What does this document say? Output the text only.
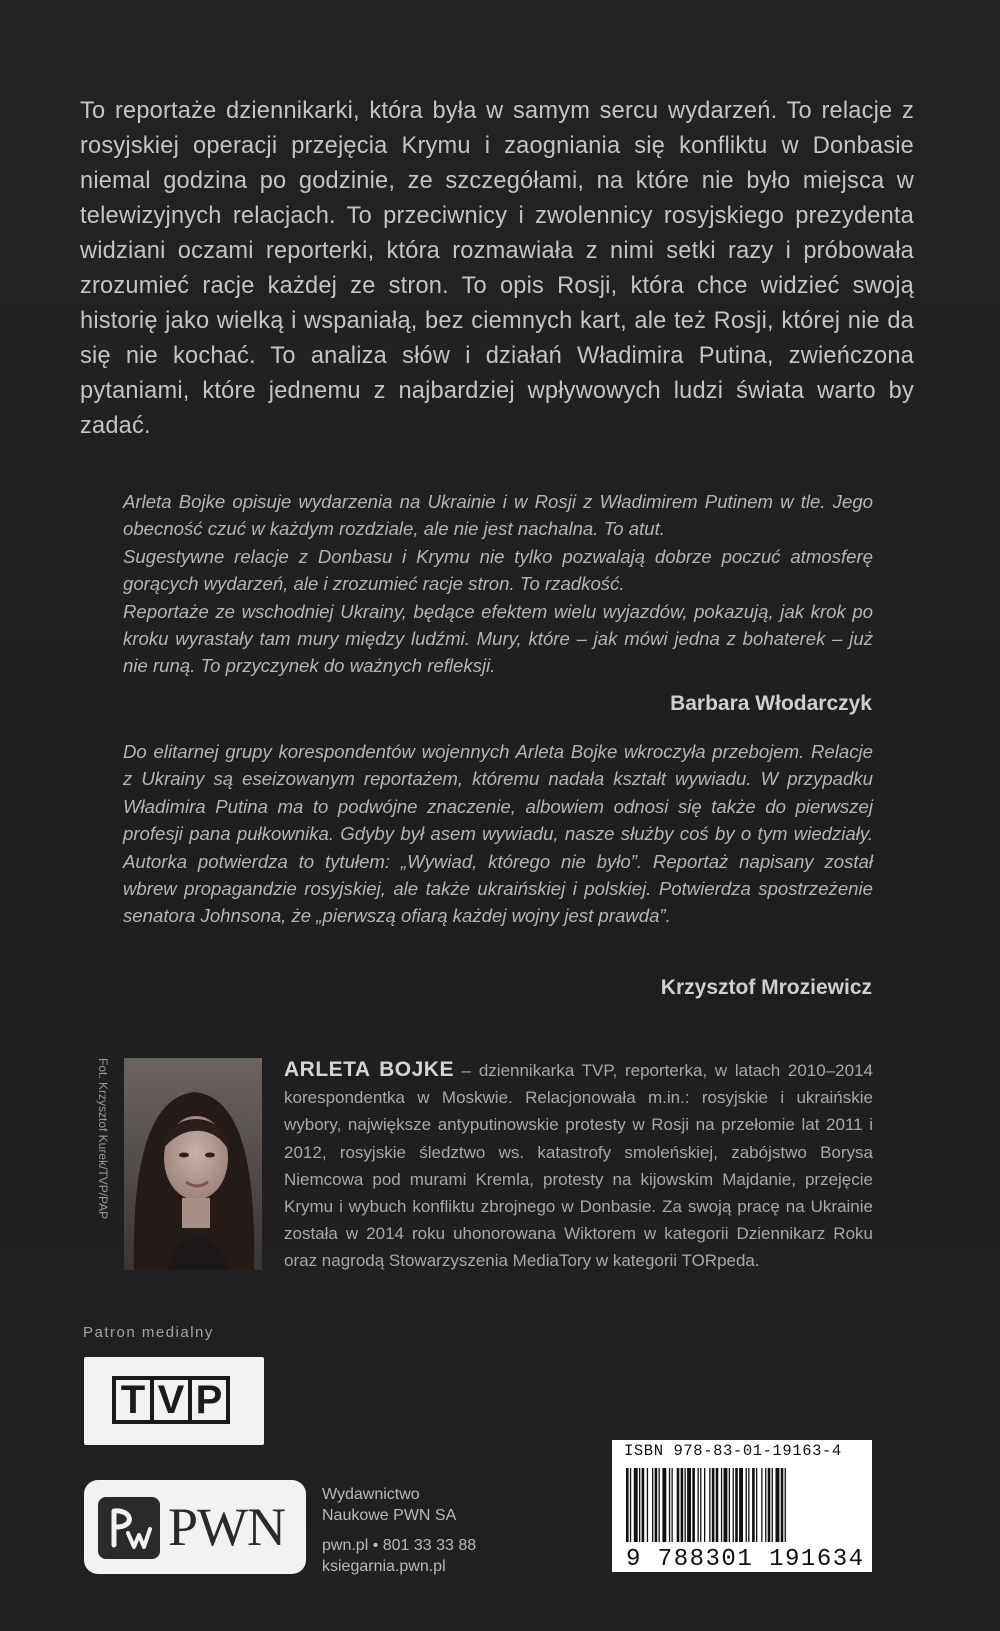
To reportaże dziennikarki, która była w samym sercu wydarzeń. To relacje z rosyjskiej operacji przejęcia Krymu i zaogniania się konfliktu w Donbasie niemal godzina po godzinie, ze szczegółami, na które nie było miejsca w telewizyjnych relacjach. To przeciwnicy i zwolennicy rosyjskiego prezydenta widziani oczami reporterki, która rozmawiała z nimi setki razy i próbowała zrozumieć racje każdej ze stron. To opis Rosji, która chce widzieć swoją historię jako wielką i wspaniałą, bez ciemnych kart, ale też Rosji, której nie da się nie kochać. To analiza słów i działań Władimira Putina, zwieńczona pytaniami, które jednemu z najbardziej wpływowych ludzi świata warto by zadać.

Arleta Bojke opisuje wydarzenia na Ukrainie i w Rosji z Władimirem Putinem w tle. Jego obecność czuć w każdym rozdziale, ale nie jest nachalna. To atut.

Sugestywne relacje z Donbasu i Krymu nie tylko pozwalają dobrze poczuć atmosferę gorących wydarzeń, ale i zrozumieć racje stron. To rzadkość.

Reportaże ze wschodniej Ukrainy, będące efektem wielu wyjazdów, pokazują, jak krok po kroku wyrastały tam mury między ludźmi. Mury, które – jak mówi jedna z bohaterek – już nie runą. To przyczynek do ważnych refleksji.

Barbara Włodarczyk

Do elitarnej grupy korespondentów wojennych Arleta Bojke wkroczyła przebojem. Relacje z Ukrainy są eseizowanym reportażem, któremu nadała kształt wywiadu. W przypadku Władimira Putina ma to podwójne znaczenie, albowiem odnosi się także do pierwszej profesji pana pułkownika. Gdyby był asem wywiadu, nasze służby coś by o tym wiedziały. Autorka potwierdza to tytułem: „Wywiad, którego nie było”. Reportaż napisany został wbrew propagandzie rosyjskiej, ale także ukraińskiej i polskiej. Potwierdza spostrzeżenie senatora Johnsona, że „pierwszą ofiarą każdej wojny jest prawda”.

Krzysztof Mroziewicz

Fot. Krzysztof Kurek/TVP/PAP	ARLETA BOJKE – dziennikarka TVP, reporterka, w latach 2010–2014 korespondentka w Moskwie. Relacjonowała m.in.: rosyjskie i ukraińskie wybory, największe antyputinowskie protesty w Rosji na przełomie lat 2011 i 2012, rosyjskie śledztwo ws. katastrofy smoleńskiej, zabójstwo Borysa Niemcowa pod murami Kremla, protesty na kijowskim Majdanie, przejęcie Krymu i wybuch konfliktu zbrojnego w Donbasie. Za swoją pracę na Ukrainie została w 2014 roku uhonorowana Wiktorem w kategorii Dziennikarz Roku oraz nagrodą Stowarzyszenia MediaTory w kategorii TORpeda.

Patron medialny

T V P

PWN

Wydawnictwo
Naukowe PWN SA
pwn.pl • 801 33 33 88
ksiegarnia.pwn.pl

ISBN 978-83-01-19163-4

9 788301 191634
